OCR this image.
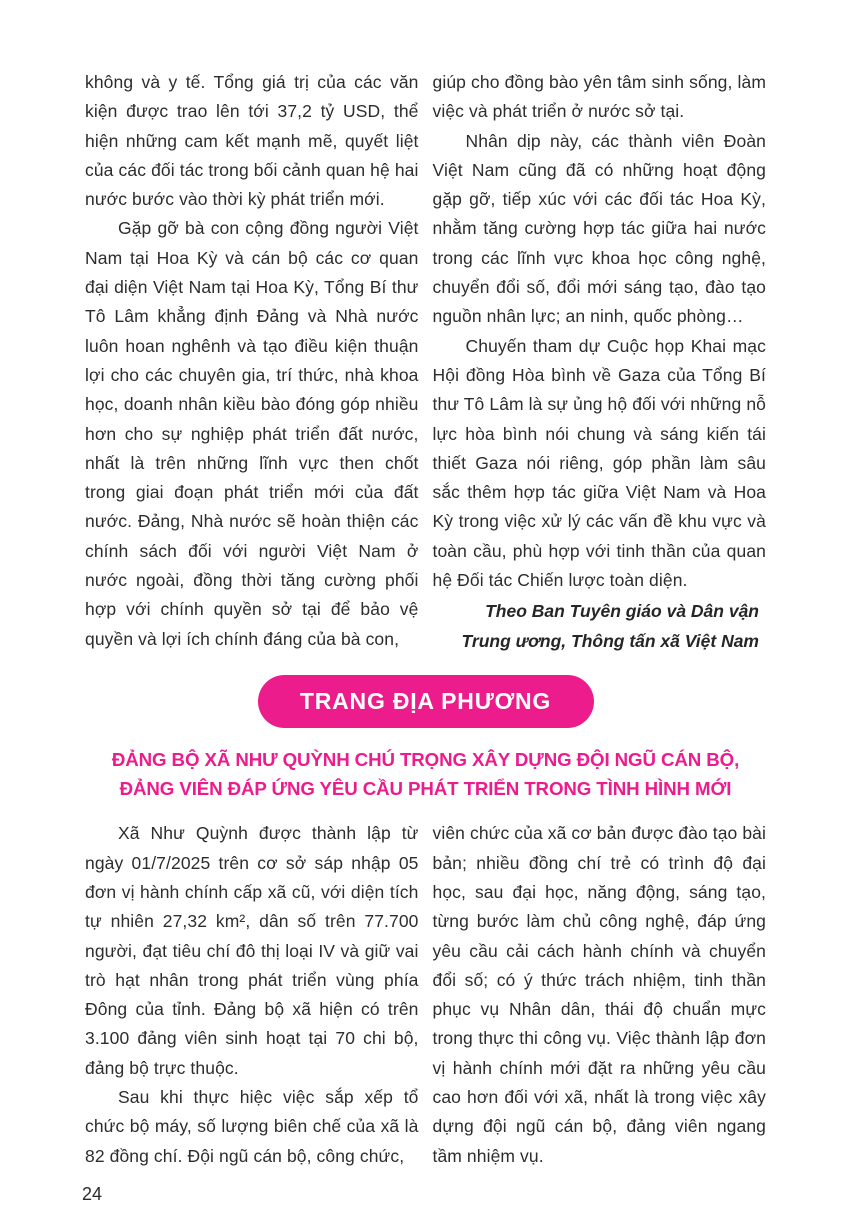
không và y tế. Tổng giá trị của các văn kiện được trao lên tới 37,2 tỷ USD, thể hiện những cam kết mạnh mẽ, quyết liệt của các đối tác trong bối cảnh quan hệ hai nước bước vào thời kỳ phát triển mới.

Gặp gỡ bà con cộng đồng người Việt Nam tại Hoa Kỳ và cán bộ các cơ quan đại diện Việt Nam tại Hoa Kỳ, Tổng Bí thư Tô Lâm khẳng định Đảng và Nhà nước luôn hoan nghênh và tạo điều kiện thuận lợi cho các chuyên gia, trí thức, nhà khoa học, doanh nhân kiều bào đóng góp nhiều hơn cho sự nghiệp phát triển đất nước, nhất là trên những lĩnh vực then chốt trong giai đoạn phát triển mới của đất nước. Đảng, Nhà nước sẽ hoàn thiện các chính sách đối với người Việt Nam ở nước ngoài, đồng thời tăng cường phối hợp với chính quyền sở tại để bảo vệ quyền và lợi ích chính đáng của bà con,

giúp cho đồng bào yên tâm sinh sống, làm việc và phát triển ở nước sở tại.

Nhân dịp này, các thành viên Đoàn Việt Nam cũng đã có những hoạt động gặp gỡ, tiếp xúc với các đối tác Hoa Kỳ, nhằm tăng cường hợp tác giữa hai nước trong các lĩnh vực khoa học công nghệ, chuyển đổi số, đổi mới sáng tạo, đào tạo nguồn nhân lực; an ninh, quốc phòng…

Chuyến tham dự Cuộc họp Khai mạc Hội đồng Hòa bình về Gaza của Tổng Bí thư Tô Lâm là sự ủng hộ đối với những nỗ lực hòa bình nói chung và sáng kiến tái thiết Gaza nói riêng, góp phần làm sâu sắc thêm hợp tác giữa Việt Nam và Hoa Kỳ trong việc xử lý các vấn đề khu vực và toàn cầu, phù hợp với tinh thần của quan hệ Đối tác Chiến lược toàn diện.

Theo Ban Tuyên giáo và Dân vận
Trung ương, Thông tấn xã Việt Nam
TRANG ĐỊA PHƯƠNG
ĐẢNG BỘ XÃ NHƯ QUỲNH CHÚ TRỌNG XÂY DỰNG ĐỘI NGŨ CÁN BỘ,
ĐẢNG VIÊN ĐÁP ỨNG YÊU CẦU PHÁT TRIỂN TRONG TÌNH HÌNH MỚI

Xã Như Quỳnh được thành lập từ ngày 01/7/2025 trên cơ sở sáp nhập 05 đơn vị hành chính cấp xã cũ, với diện tích tự nhiên 27,32 km², dân số trên 77.700 người, đạt tiêu chí đô thị loại IV và giữ vai trò hạt nhân trong phát triển vùng phía Đông của tỉnh. Đảng bộ xã hiện có trên 3.100 đảng viên sinh hoạt tại 70 chi bộ, đảng bộ trực thuộc.

Sau khi thực hiệc việc sắp xếp tổ chức bộ máy, số lượng biên chế của xã là 82 đồng chí. Đội ngũ cán bộ, công chức,

viên chức của xã cơ bản được đào tạo bài bản; nhiều đồng chí trẻ có trình độ đại học, sau đại học, năng động, sáng tạo, từng bước làm chủ công nghệ, đáp ứng yêu cầu cải cách hành chính và chuyển đổi số; có ý thức trách nhiệm, tinh thần phục vụ Nhân dân, thái độ chuẩn mực trong thực thi công vụ. Việc thành lập đơn vị hành chính mới đặt ra những yêu cầu cao hơn đối với xã, nhất là trong việc xây dựng đội ngũ cán bộ, đảng viên ngang tầm nhiệm vụ.

24
